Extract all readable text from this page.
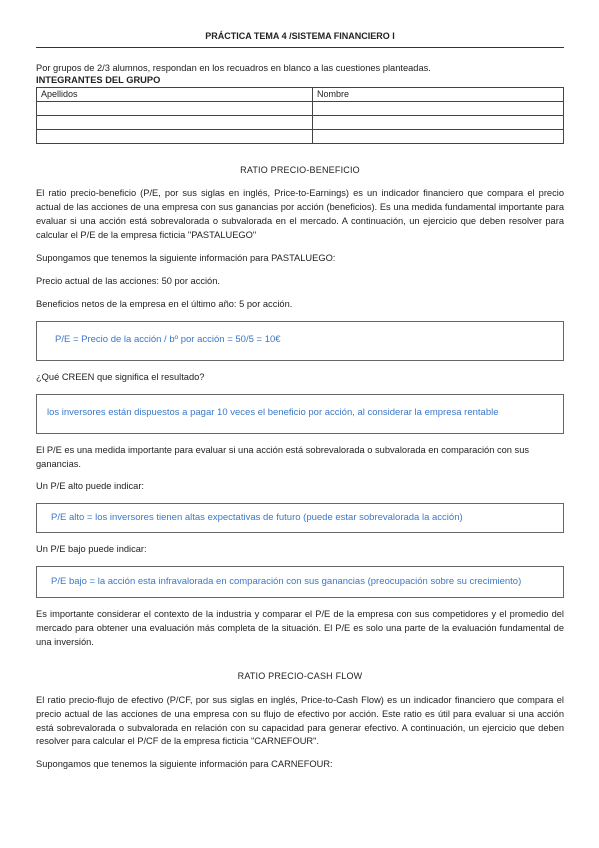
PRÁCTICA TEMA 4 /SISTEMA FINANCIERO I

Por grupos de 2/3 alumnos, respondan en los recuadros en blanco a las cuestiones planteadas.

INTEGRANTES DEL GRUPO
Apellidos	Nombre

RATIO PRECIO-BENEFICIO

El ratio precio-beneficio (P/E, por sus siglas en inglés, Price-to-Earnings) es un indicador financiero que compara el precio actual de las acciones de una empresa con sus ganancias por acción (beneficios). Es una medida fundamental importante para evaluar si una acción está sobrevalorada o subvalorada en el mercado. A continuación, un ejercicio que deben resolver para calcular el P/E de la empresa ficticia "PASTALUEGO"

Supongamos que tenemos la siguiente información para PASTALUEGO:

Precio actual de las acciones: 50 por acción.

Beneficios netos de la empresa en el último año: 5 por acción.

P/E = Precio de la acción / bº por acción = 50/5 = 10€

¿Qué CREEN que significa el resultado?

los inversores están dispuestos a pagar 10 veces el beneficio por acción, al considerar la empresa rentable

El P/E es una medida importante para evaluar si una acción está sobrevalorada o subvalorada en comparación con sus ganancias.

Un P/E alto puede indicar:

P/E alto = los inversores tienen altas expectativas de futuro (puede estar sobrevalorada la acción)

Un P/E bajo puede indicar:

P/E bajo = la acción esta infravalorada en comparación con sus ganancias (preocupación sobre su crecimiento)

Es importante considerar el contexto de la industria y comparar el P/E de la empresa con sus competidores y el promedio del mercado para obtener una evaluación más completa de la situación. El P/E es solo una parte de la evaluación fundamental de una inversión.

RATIO PRECIO-CASH FLOW

El ratio precio-flujo de efectivo (P/CF, por sus siglas en inglés, Price-to-Cash Flow) es un indicador financiero que compara el precio actual de las acciones de una empresa con su flujo de efectivo por acción. Este ratio es útil para evaluar si una acción está sobrevalorada o subvalorada en relación con su capacidad para generar efectivo. A continuación, un ejercicio que deben resolver para calcular el P/CF de la empresa ficticia "CARNEFOUR".

Supongamos que tenemos la siguiente información para CARNEFOUR:
